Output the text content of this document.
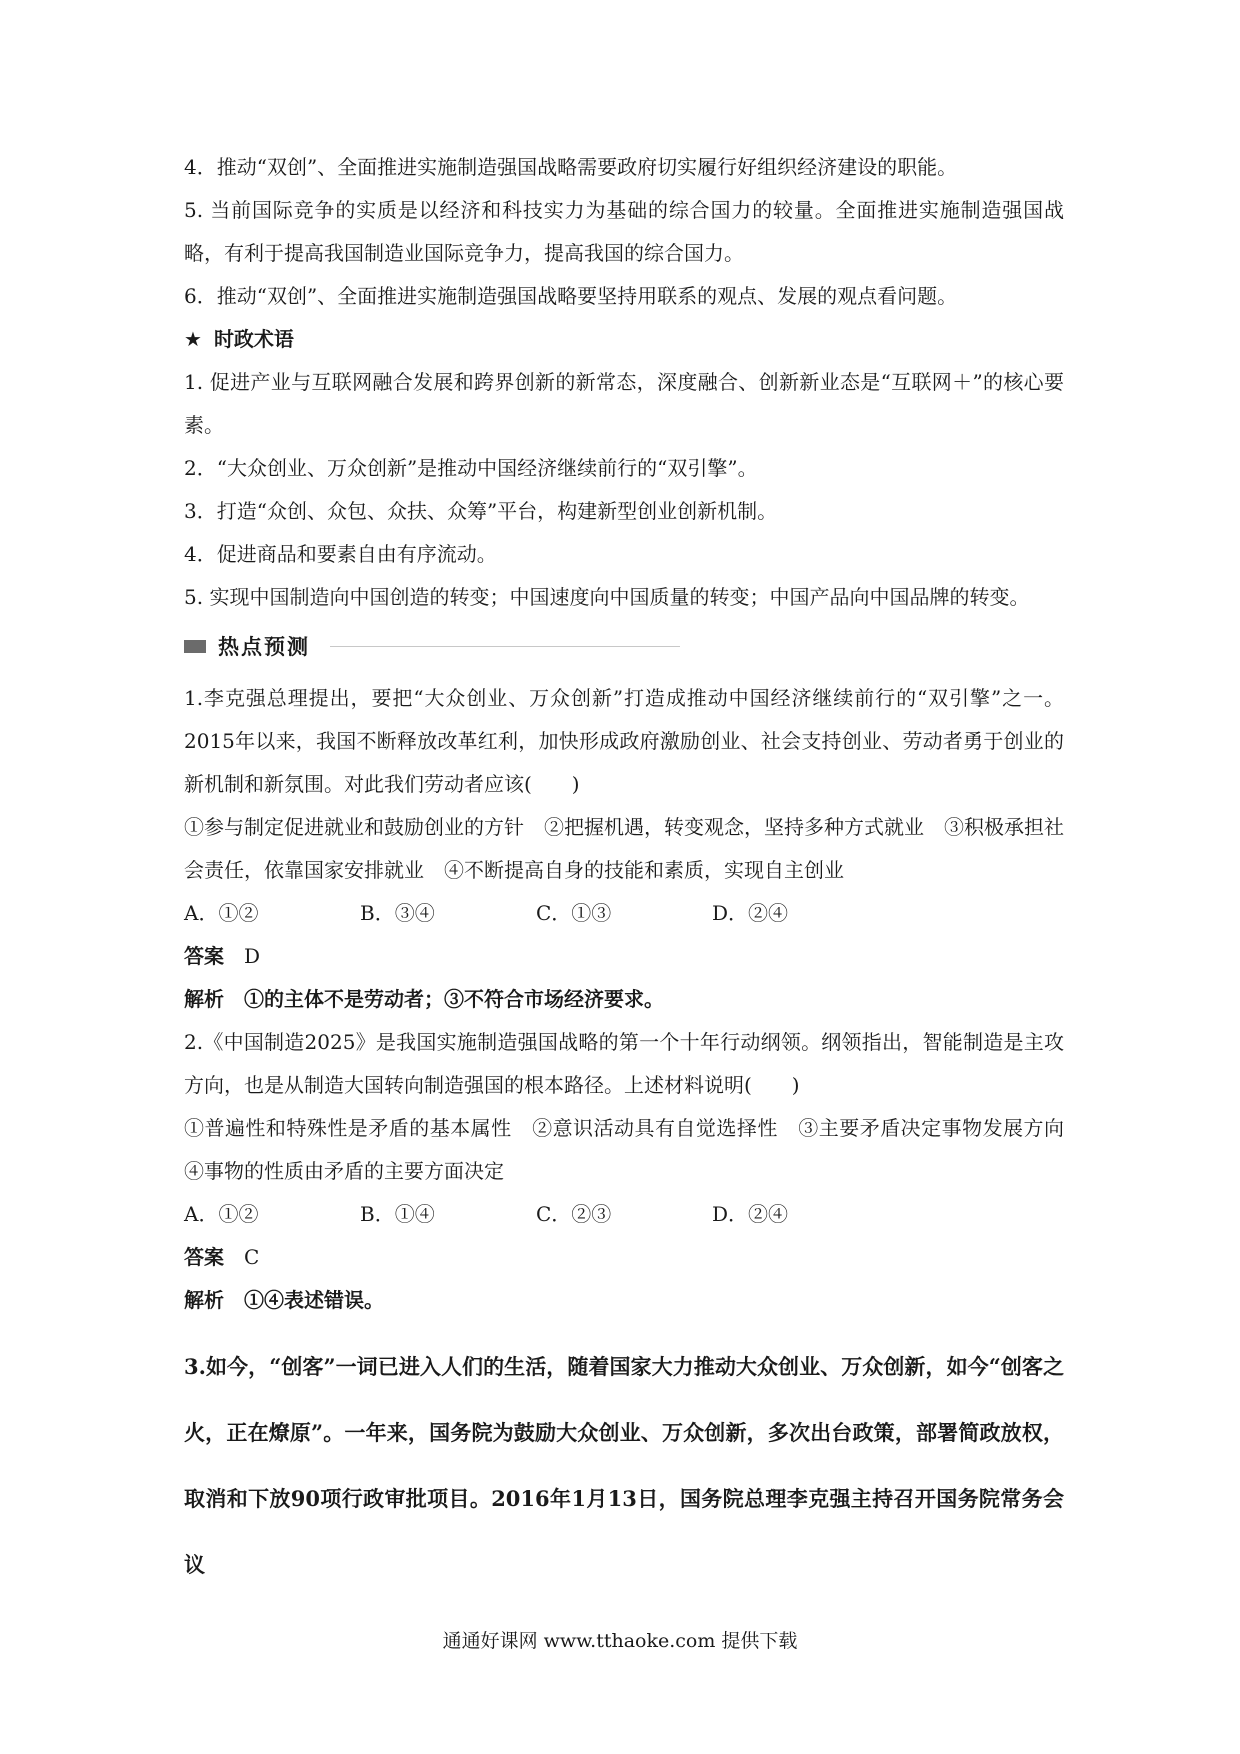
4．推动“双创”、全面推进实施制造强国战略需要政府切实履行好组织经济建设的职能。

5. 当前国际竞争的实质是以经济和科技实力为基础的综合国力的较量。全面推进实施制造强国战略，有利于提高我国制造业国际竞争力，提高我国的综合国力。

6．推动“双创”、全面推进实施制造强国战略要坚持用联系的观点、发展的观点看问题。

★ 时政术语

1. 促进产业与互联网融合发展和跨界创新的新常态，深度融合、创新新业态是“互联网＋”的核心要素。

2．“大众创业、万众创新”是推动中国经济继续前行的“双引擎”。

3．打造“众创、众包、众扶、众筹”平台，构建新型创业创新机制。

4．促进商品和要素自由有序流动。

5. 实现中国制造向中国创造的转变；中国速度向中国质量的转变；中国产品向中国品牌的转变。

热点预测

1.李克强总理提出，要把“大众创业、万众创新”打造成推动中国经济继续前行的“双引擎”之一。2015年以来，我国不断释放改革红利，加快形成政府激励创业、社会支持创业、劳动者勇于创业的新机制和新氛围。对此我们劳动者应该(　　)

①参与制定促进就业和鼓励创业的方针　②把握机遇，转变观念，坚持多种方式就业　③积极承担社会责任，依靠国家安排就业　④不断提高自身的技能和素质，实现自主创业

A．①②	B．③④	C．①③	D．②④

答案 D

解析 ①的主体不是劳动者；③不符合市场经济要求。

2.《中国制造2025》是我国实施制造强国战略的第一个十年行动纲领。纲领指出，智能制造是主攻方向，也是从制造大国转向制造强国的根本路径。上述材料说明(　　)

①普遍性和特殊性是矛盾的基本属性　②意识活动具有自觉选择性　③主要矛盾决定事物发展方向　④事物的性质由矛盾的主要方面决定

A．①②	B．①④	C．②③	D．②④

答案 C

解析 ①④表述错误。

3.如今，“创客”一词已进入人们的生活，随着国家大力推动大众创业、万众创新，如今“创客之火，正在燎原”。一年来，国务院为鼓励大众创业、万众创新，多次出台政策，部署简政放权，取消和下放90项行政审批项目。2016年1月13日，国务院总理李克强主持召开国务院常务会议

通通好课网 www.tthaoke.com 提供下载
